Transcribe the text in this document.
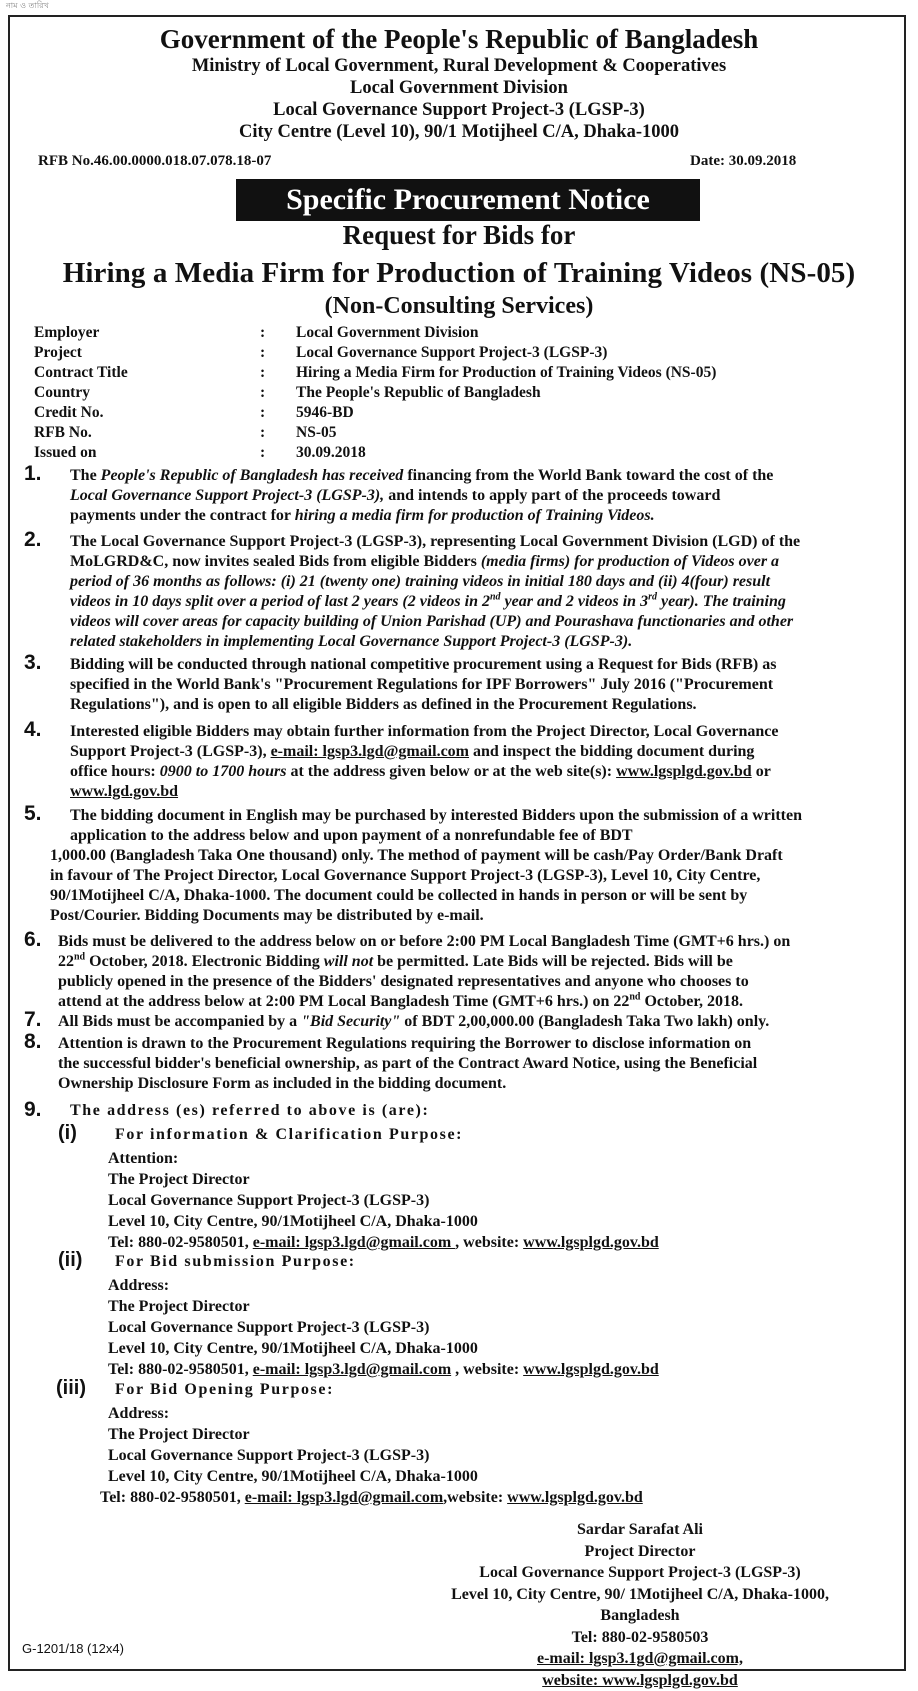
নাম ও তারিখ
Government of the People's Republic of Bangladesh
Ministry of Local Government, Rural Development & Cooperatives
Local Government Division
Local Governance Support Project-3 (LGSP-3)
City Centre (Level 10), 90/1 Motijheel C/A, Dhaka-1000
RFB No.46.00.0000.018.07.078.18-07	Date: 30.09.2018
Specific Procurement Notice
Request for Bids for
Hiring a Media Firm for Production of Training Videos (NS-05)
(Non-Consulting Services)
Employer	: Local Government Division
Project	: Local Governance Support Project-3 (LGSP-3)
Contract Title	: Hiring a Media Firm for Production of Training Videos (NS-05)
Country	: The People's Republic of Bangladesh
Credit No.	: 5946-BD
RFB No.	: NS-05
Issued on	: 30.09.2018
1. The People's Republic of Bangladesh has received financing from the World Bank toward the cost of the
Local Governance Support Project-3 (LGSP-3), and intends to apply part of the proceeds toward
payments under the contract for hiring a media firm for production of Training Videos.
2. The Local Governance Support Project-3 (LGSP-3), representing Local Government Division (LGD) of the
MoLGRD&C, now invites sealed Bids from eligible Bidders (media firms) for production of Videos over a
period of 36 months as follows: (i) 21 (twenty one) training videos in initial 180 days and (ii) 4(four) result
videos in 10 days split over a period of last 2 years (2 videos in 2nd year and 2 videos in 3rd year). The training
videos will cover areas for capacity building of Union Parishad (UP) and Pourashava functionaries and other
related stakeholders in implementing Local Governance Support Project-3 (LGSP-3).
3. Bidding will be conducted through national competitive procurement using a Request for Bids (RFB) as
specified in the World Bank's "Procurement Regulations for IPF Borrowers" July 2016 ("Procurement
Regulations"), and is open to all eligible Bidders as defined in the Procurement Regulations.
4. Interested eligible Bidders may obtain further information from the Project Director, Local Governance
Support Project-3 (LGSP-3), e-mail: lgsp3.lgd@gmail.com and inspect the bidding document during
office hours: 0900 to 1700 hours at the address given below or at the web site(s): www.lgsplgd.gov.bd or
www.lgd.gov.bd
5. The bidding document in English may be purchased by interested Bidders upon the submission of a written
application to the address below and upon payment of a nonrefundable fee of BDT
1,000.00 (Bangladesh Taka One thousand) only. The method of payment will be cash/Pay Order/Bank Draft
in favour of The Project Director, Local Governance Support Project-3 (LGSP-3), Level 10, City Centre,
90/1Motijheel C/A, Dhaka-1000. The document could be collected in hands in person or will be sent by
Post/Courier. Bidding Documents may be distributed by e-mail.
6. Bids must be delivered to the address below on or before 2:00 PM Local Bangladesh Time (GMT+6 hrs.) on
22nd October, 2018. Electronic Bidding will not be permitted. Late Bids will be rejected. Bids will be
publicly opened in the presence of the Bidders' designated representatives and anyone who chooses to
attend at the address below at 2:00 PM Local Bangladesh Time (GMT+6 hrs.) on 22nd October, 2018.
7. All Bids must be accompanied by a "Bid Security" of BDT 2,00,000.00 (Bangladesh Taka Two lakh) only.
8. Attention is drawn to the Procurement Regulations requiring the Borrower to disclose information on
the successful bidder's beneficial ownership, as part of the Contract Award Notice, using the Beneficial
Ownership Disclosure Form as included in the bidding document.
9. The address (es) referred to above is (are):
(i) For information & Clarification Purpose:
Attention:
The Project Director
Local Governance Support Project-3 (LGSP-3)
Level 10, City Centre, 90/1Motijheel C/A, Dhaka-1000
Tel: 880-02-9580501, e-mail: lgsp3.lgd@gmail.com , website: www.lgsplgd.gov.bd
(ii) For Bid submission Purpose:
Address:
The Project Director
Local Governance Support Project-3 (LGSP-3)
Level 10, City Centre, 90/1Motijheel C/A, Dhaka-1000
Tel: 880-02-9580501, e-mail: lgsp3.lgd@gmail.com , website: www.lgsplgd.gov.bd
(iii) For Bid Opening Purpose:
Address:
The Project Director
Local Governance Support Project-3 (LGSP-3)
Level 10, City Centre, 90/1Motijheel C/A, Dhaka-1000
Tel: 880-02-9580501, e-mail: lgsp3.lgd@gmail.com,website: www.lgsplgd.gov.bd
Sardar Sarafat Ali
Project Director
Local Governance Support Project-3 (LGSP-3)
Level 10, City Centre, 90/ 1Motijheel C/A, Dhaka-1000,
Bangladesh
Tel: 880-02-9580503
e-mail: lgsp3.1gd@gmail.com,
website: www.lgsplgd.gov.bd
G-1201/18 (12x4)
